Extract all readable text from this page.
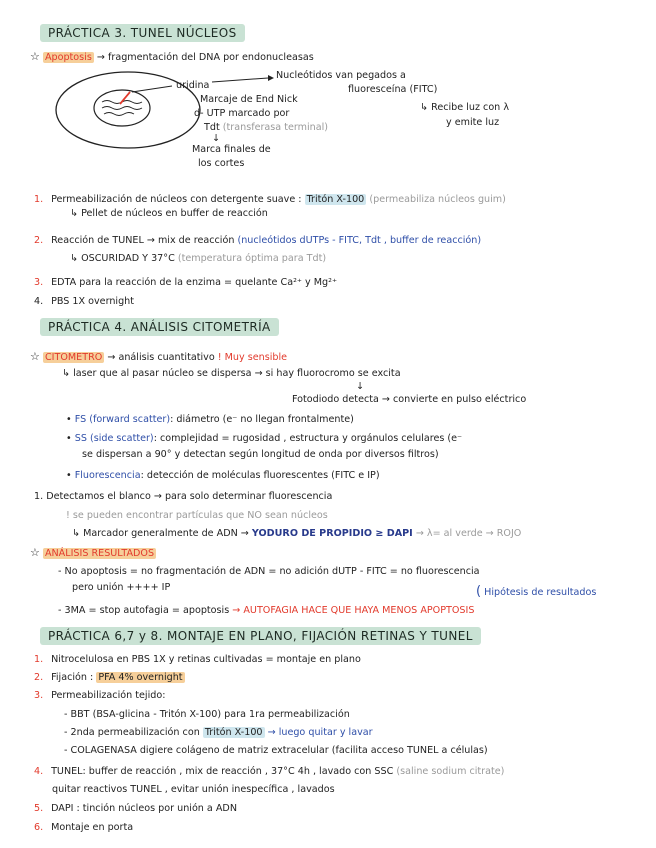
PRÁCTICA 3. TUNEL NÚCLEOS
☆ Apoptosis → fragmentación del DNA por endonucleasas
uridina
Nucleótidos van pegados a
fluoresceína (FITC)
↳ Recibe luz con λ
y emite luz
Marcaje de End Nick
d- UTP marcado por
Tdt (transferasa terminal)
↓
Marca finales de
los cortes
1. Permeabilización de núcleos con detergente suave : Tritón X-100 (permeabiliza núcleos guim)
↳ Pellet de núcleos en buffer de reacción
2. Reacción de TUNEL → mix de reacción (nucleótidos dUTPs - FITC, Tdt , buffer de reacción)
↳ OSCURIDAD Y 37°C (temperatura óptima para Tdt)
3. EDTA para la reacción de la enzima = quelante Ca²⁺ y Mg²⁺
4. PBS 1X overnight
PRÁCTICA 4. ANÁLISIS CITOMETRÍA
☆ CITOMETRO → análisis cuantitativo ! Muy sensible
↳ laser que al pasar núcleo se dispersa → si hay fluorocromo se excita
↓
Fotodiodo detecta → convierte en pulso eléctrico
• FS (forward scatter): diámetro (e⁻ no llegan frontalmente)
• SS (side scatter): complejidad = rugosidad , estructura y orgánulos celulares (e⁻
se dispersan a 90° y detectan según longitud de onda por diversos filtros)
• Fluorescencia: detección de moléculas fluorescentes (FITC e IP)
1. Detectamos el blanco → para solo determinar fluorescencia
! se pueden encontrar partículas que NO sean núcleos
↳ Marcador generalmente de ADN → YODURO DE PROPIDIO ≥ DAPI → λ= al verde → ROJO
☆ ANÁLISIS RESULTADOS
- No apoptosis = no fragmentación de ADN = no adición dUTP - FITC = no fluorescencia
pero unión ++++ IP	( Hipótesis de resultados
- 3MA = stop autofagia = apoptosis → AUTOFAGIA HACE QUE HAYA MENOS APOPTOSIS
PRÁCTICA 6,7 y 8. MONTAJE EN PLANO, FIJACIÓN RETINAS Y TUNEL
1. Nitrocelulosa en PBS 1X y retinas cultivadas = montaje en plano
2. Fijación : PFA 4% overnight
3. Permeabilización tejido:
- BBT (BSA-glicina - Tritón X-100) para 1ra permeabilización
- 2nda permeabilización con Tritón X-100 → luego quitar y lavar
- COLAGENASA digiere colágeno de matriz extracelular (facilita acceso TUNEL a células)
4. TUNEL: buffer de reacción , mix de reacción , 37°C 4h , lavado con SSC (saline sodium citrate)
quitar reactivos TUNEL , evitar unión inespecífica , lavados
5. DAPI : tinción núcleos por unión a ADN
6. Montaje en porta
